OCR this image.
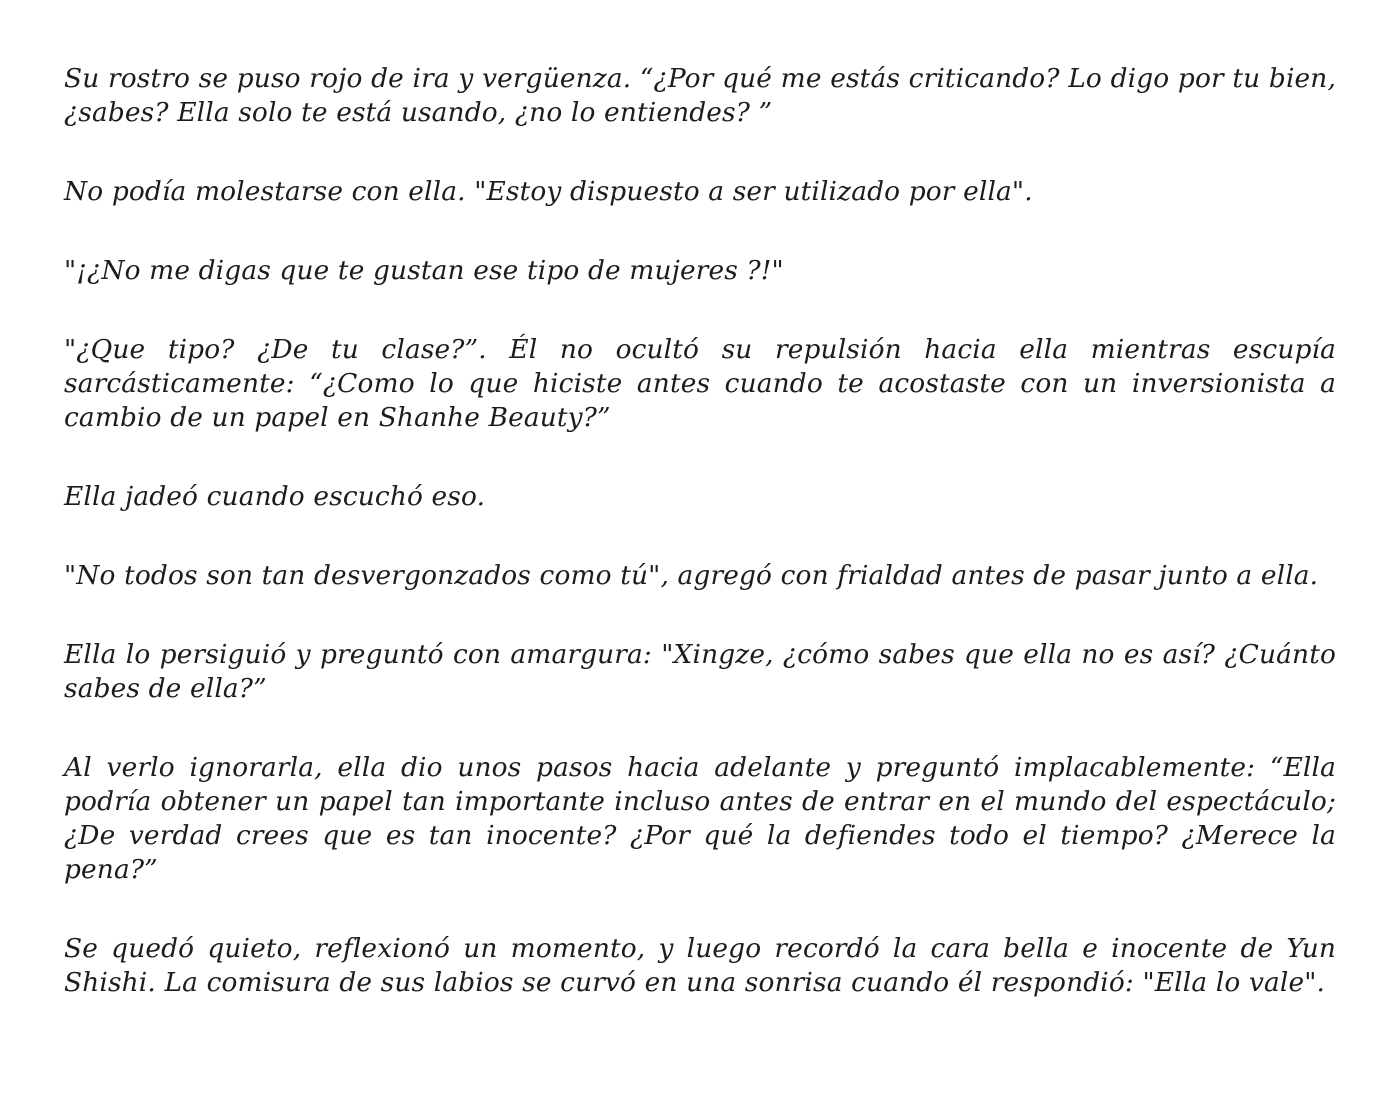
Su rostro se puso rojo de ira y vergüenza. “¿Por qué me estás criticando? Lo digo por tu bien, ¿sabes? Ella solo te está usando, ¿no lo entiendes? ”

No podía molestarse con ella. "Estoy dispuesto a ser utilizado por ella".

"¡¿No me digas que te gustan ese tipo de mujeres ?!"

"¿Que tipo? ¿De tu clase?”. Él no ocultó su repulsión hacia ella mientras escupía sarcásticamente: “¿Como lo que hiciste antes cuando te acostaste con un inversionista a cambio de un papel en Shanhe Beauty?”

Ella jadeó cuando escuchó eso.

"No todos son tan desvergonzados como tú", agregó con frialdad antes de pasar junto a ella.

Ella lo persiguió y preguntó con amargura: "Xingze, ¿cómo sabes que ella no es así? ¿Cuánto sabes de ella?”

Al verlo ignorarla, ella dio unos pasos hacia adelante y preguntó implacablemente: “Ella podría obtener un papel tan importante incluso antes de entrar en el mundo del espectáculo; ¿De verdad crees que es tan inocente? ¿Por qué la defiendes todo el tiempo? ¿Merece la pena?”

Se quedó quieto, reflexionó un momento, y luego recordó la cara bella e inocente de Yun Shishi. La comisura de sus labios se curvó en una sonrisa cuando él respondió: "Ella lo vale".
